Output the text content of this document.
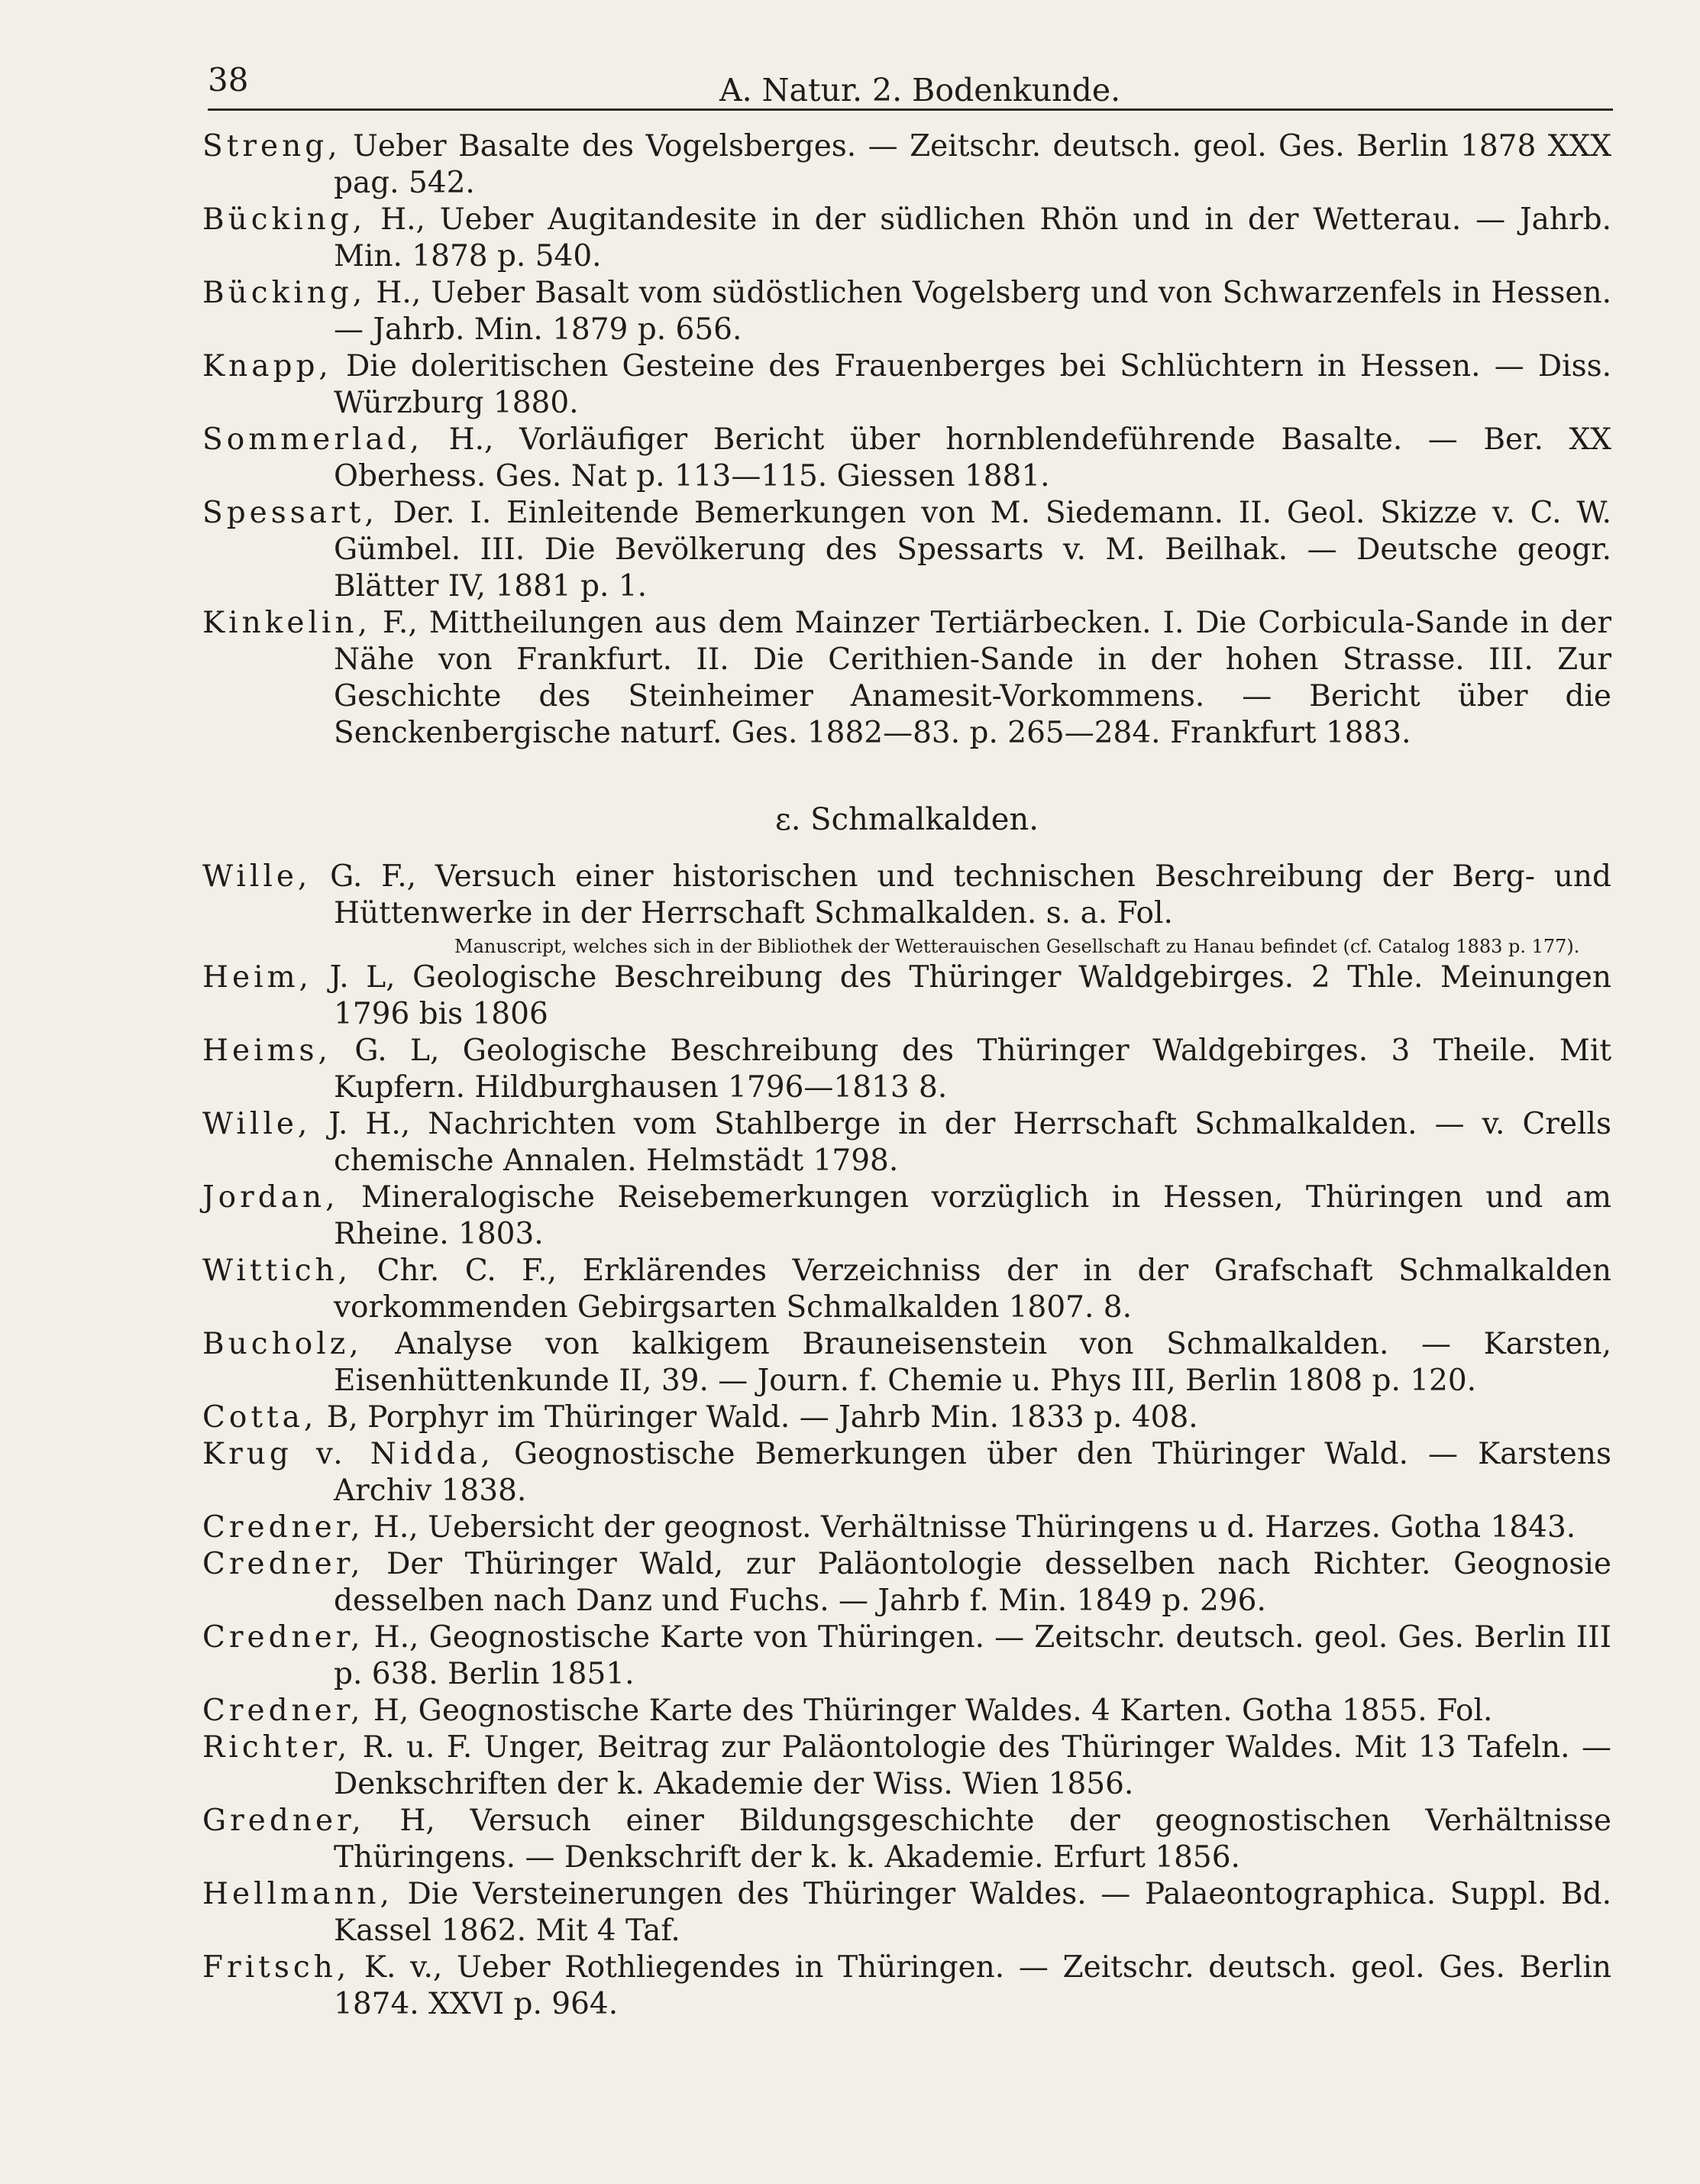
38	A. Natur. 2. Bodenkunde.

Streng, Ueber Basalte des Vogelsberges. — Zeitschr. deutsch. geol. Ges. Berlin 1878 XXX pag. 542.

Bücking, H., Ueber Augitandesite in der südlichen Rhön und in der Wetterau. — Jahrb. Min. 1878 p. 540.

Bücking, H., Ueber Basalt vom südöstlichen Vogelsberg und von Schwarzenfels in Hessen. — Jahrb. Min. 1879 p. 656.

Knapp, Die doleritischen Gesteine des Frauenberges bei Schlüchtern in Hessen. — Diss. Würzburg 1880.

Sommerlad, H., Vorläufiger Bericht über hornblendeführende Basalte. — Ber. XX Oberhess. Ges. Nat p. 113—115. Giessen 1881.

Spessart, Der. I. Einleitende Bemerkungen von M. Siedemann. II. Geol. Skizze v. C. W. Gümbel. III. Die Bevölkerung des Spessarts v. M. Beilhak. — Deutsche geogr. Blätter IV, 1881 p. 1.

Kinkelin, F., Mittheilungen aus dem Mainzer Tertiärbecken. I. Die Corbicula-Sande in der Nähe von Frankfurt. II. Die Cerithien-Sande in der hohen Strasse. III. Zur Geschichte des Steinheimer Anamesit-Vorkommens. — Bericht über die Senckenbergische naturf. Ges. 1882—83. p. 265—284. Frankfurt 1883.

ε. Schmalkalden.

Wille, G. F., Versuch einer historischen und technischen Beschreibung der Berg- und Hüttenwerke in der Herrschaft Schmalkalden. s. a. Fol.

Manuscript, welches sich in der Bibliothek der Wetterauischen Gesellschaft zu Hanau befindet (cf. Catalog 1883 p. 177).

Heim, J. L, Geologische Beschreibung des Thüringer Waldgebirges. 2 Thle. Meinungen 1796 bis 1806

Heims, G. L, Geologische Beschreibung des Thüringer Waldgebirges. 3 Theile. Mit Kupfern. Hildburghausen 1796—1813 8.

Wille, J. H., Nachrichten vom Stahlberge in der Herrschaft Schmalkalden. — v. Crells chemische Annalen. Helmstädt 1798.

Jordan, Mineralogische Reisebemerkungen vorzüglich in Hessen, Thüringen und am Rheine. 1803.

Wittich, Chr. C. F., Erklärendes Verzeichniss der in der Grafschaft Schmalkalden vorkommenden Gebirgsarten Schmalkalden 1807. 8.

Bucholz, Analyse von kalkigem Brauneisenstein von Schmalkalden. — Karsten, Eisenhüttenkunde II, 39. — Journ. f. Chemie u. Phys III, Berlin 1808 p. 120.

Cotta, B, Porphyr im Thüringer Wald. — Jahrb Min. 1833 p. 408.

Krug v. Nidda, Geognostische Bemerkungen über den Thüringer Wald. — Karstens Archiv 1838.

Credner, H., Uebersicht der geognost. Verhältnisse Thüringens u d. Harzes. Gotha 1843.

Credner, Der Thüringer Wald, zur Paläontologie desselben nach Richter. Geognosie desselben nach Danz und Fuchs. — Jahrb f. Min. 1849 p. 296.

Credner, H., Geognostische Karte von Thüringen. — Zeitschr. deutsch. geol. Ges. Berlin III p. 638. Berlin 1851.

Credner, H, Geognostische Karte des Thüringer Waldes. 4 Karten. Gotha 1855. Fol.

Richter, R. u. F. Unger, Beitrag zur Paläontologie des Thüringer Waldes. Mit 13 Tafeln. — Denkschriften der k. Akademie der Wiss. Wien 1856.

Gredner, H, Versuch einer Bildungsgeschichte der geognostischen Verhältnisse Thüringens. — Denkschrift der k. k. Akademie. Erfurt 1856.

Hellmann, Die Versteinerungen des Thüringer Waldes. — Palaeontographica. Suppl. Bd. Kassel 1862. Mit 4 Taf.

Fritsch, K. v., Ueber Rothliegendes in Thüringen. — Zeitschr. deutsch. geol. Ges. Berlin 1874. XXVI p. 964.
